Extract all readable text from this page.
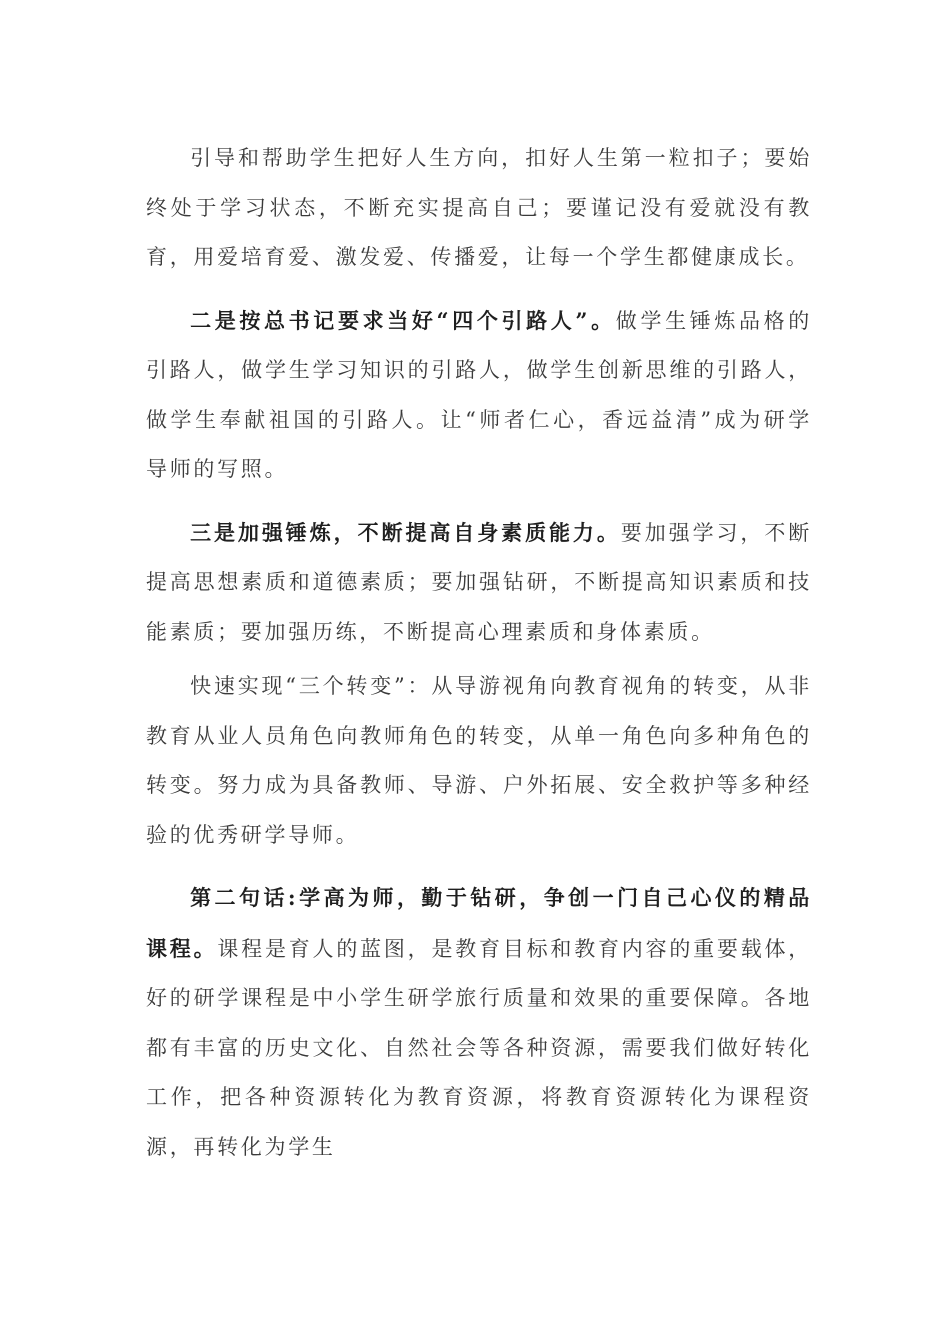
引导和帮助学生把好人生方向，扣好人生第一粒扣子；要始终处于学习状态，不断充实提高自己；要谨记没有爱就没有教育，用爱培育爱、激发爱、传播爱，让每一个学生都健康成长。

二是按总书记要求当好“四个引路人”。做学生锤炼品格的引路人，做学生学习知识的引路人，做学生创新思维的引路人，做学生奉献祖国的引路人。让“师者仁心，香远益清”成为研学导师的写照。

三是加强锤炼，不断提高自身素质能力。要加强学习，不断提高思想素质和道德素质；要加强钻研，不断提高知识素质和技能素质；要加强历练，不断提高心理素质和身体素质。

快速实现“三个转变”：从导游视角向教育视角的转变，从非教育从业人员角色向教师角色的转变，从单一角色向多种角色的转变。努力成为具备教师、导游、户外拓展、安全救护等多种经验的优秀研学导师。

第二句话:学高为师，勤于钻研，争创一门自己心仪的精品课程。课程是育人的蓝图，是教育目标和教育内容的重要载体，好的研学课程是中小学生研学旅行质量和效果的重要保障。各地都有丰富的历史文化、自然社会等各种资源，需要我们做好转化工作，把各种资源转化为教育资源，将教育资源转化为课程资源，再转化为学生
